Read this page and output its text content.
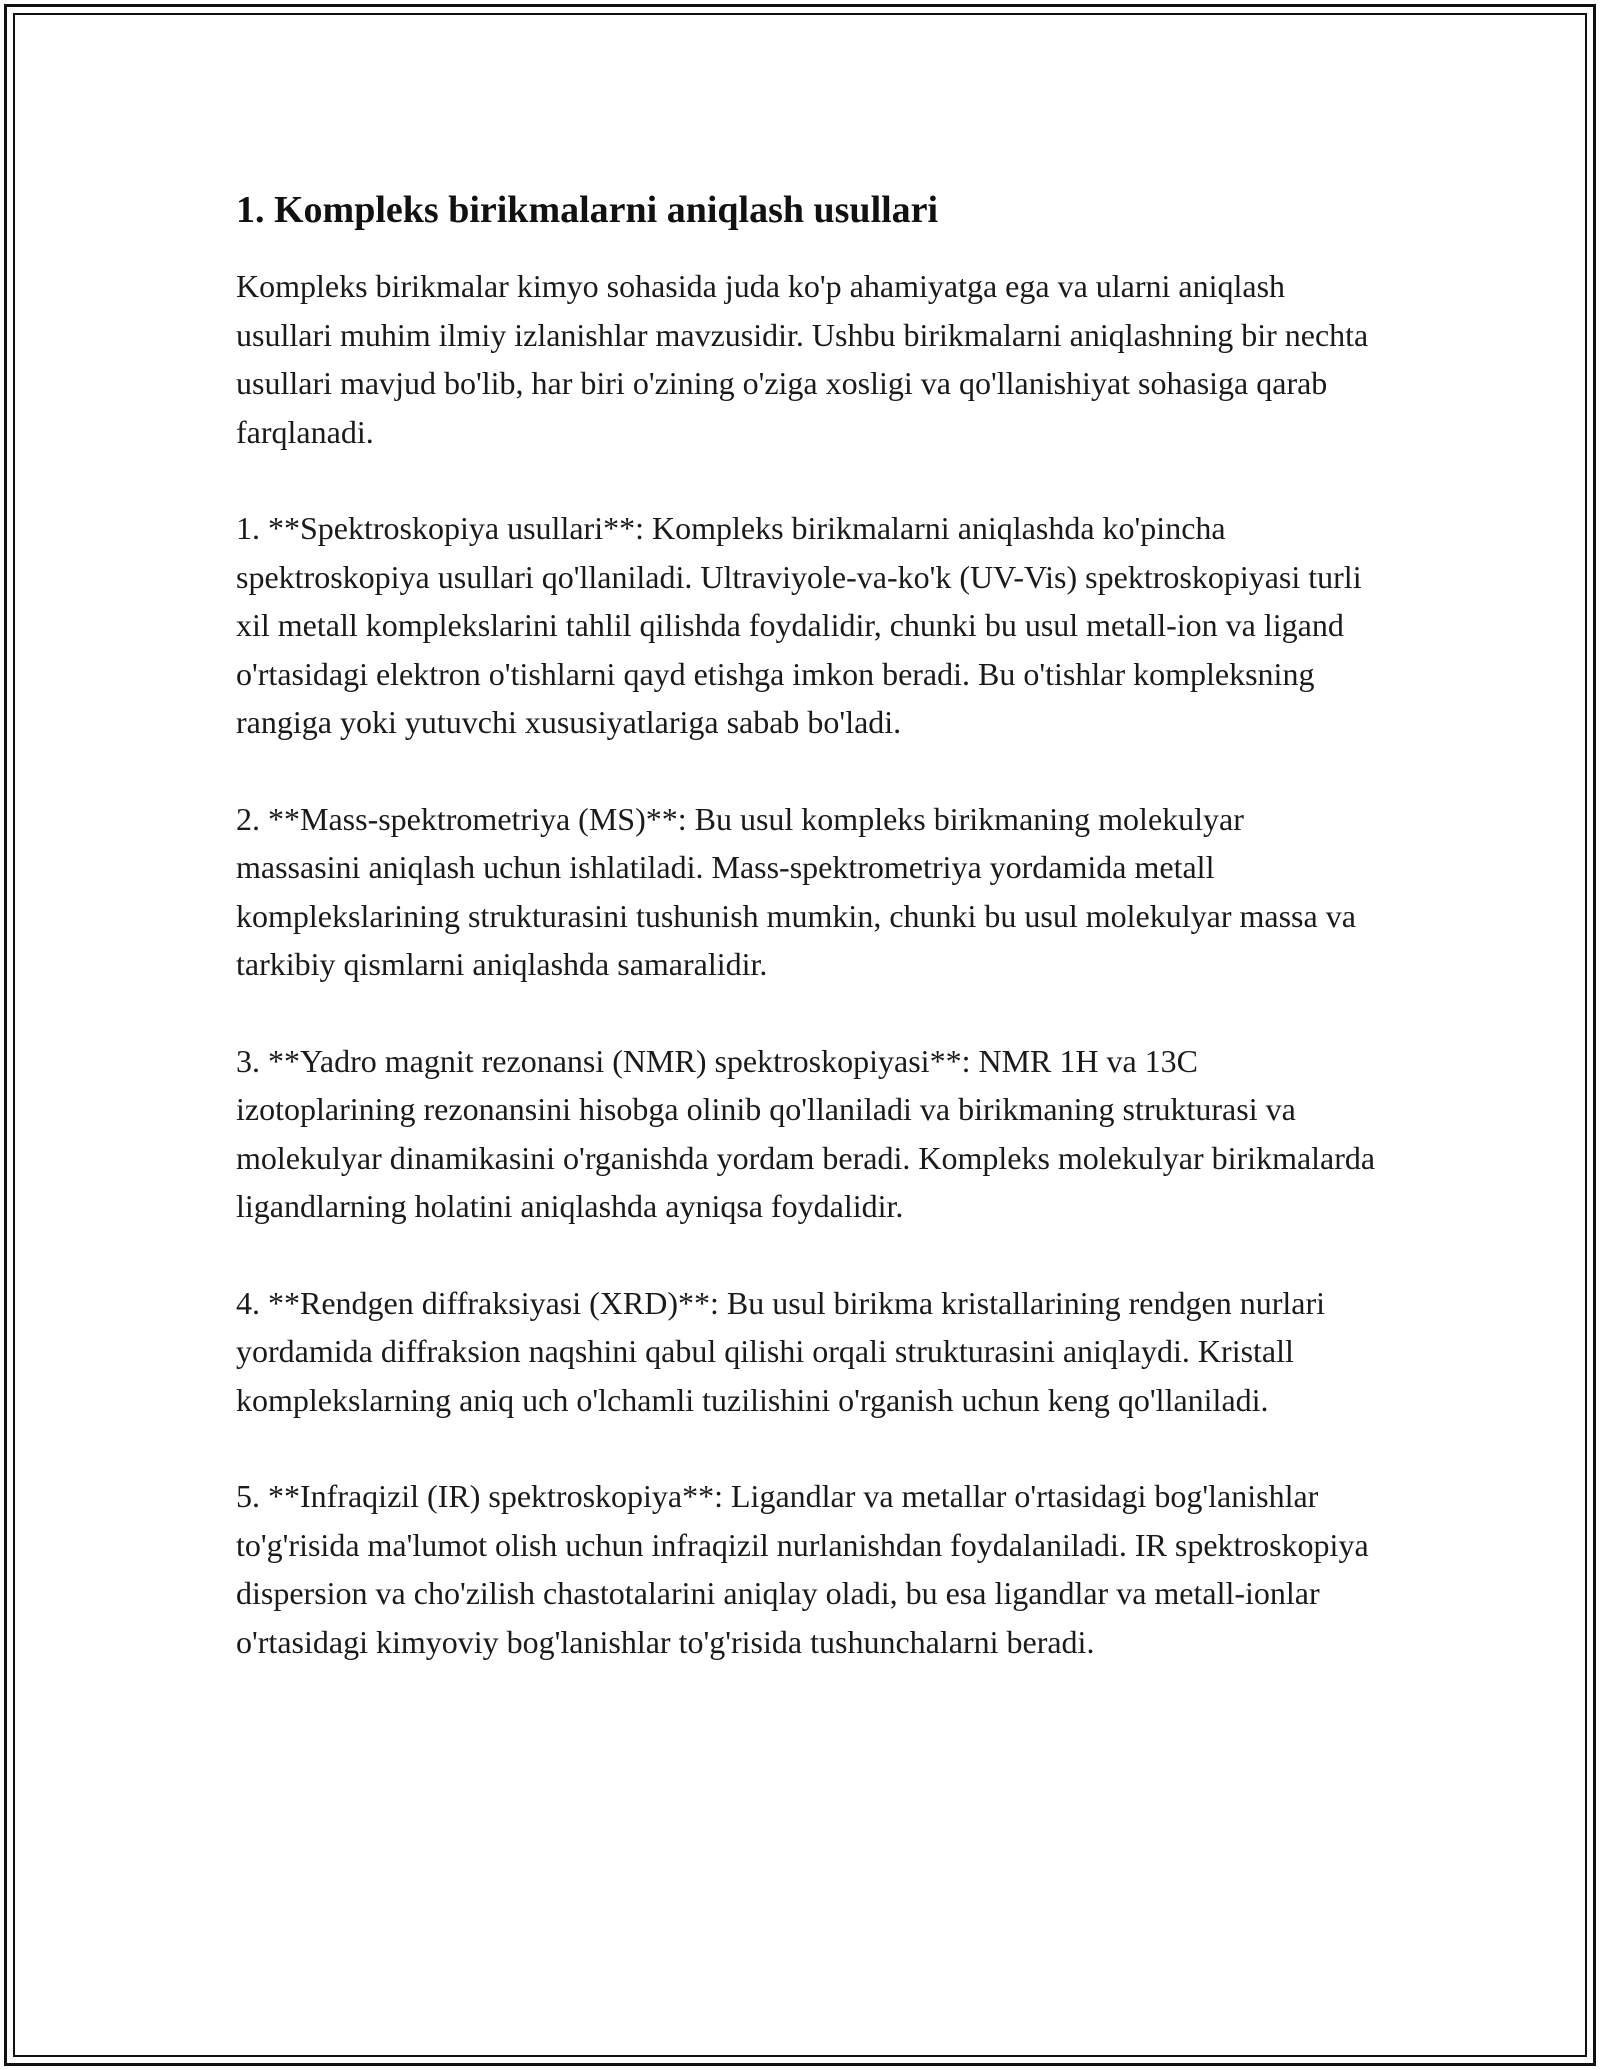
1. Kompleks birikmalarni aniqlash usullari

Kompleks birikmalar kimyo sohasida juda ko'p ahamiyatga ega va ularni aniqlash usullari muhim ilmiy izlanishlar mavzusidir. Ushbu birikmalarni aniqlashning bir nechta usullari mavjud bo'lib, har biri o'zining o'ziga xosligi va qo'llanishiyat sohasiga qarab farqlanadi.

1. **Spektroskopiya usullari**: Kompleks birikmalarni aniqlashda ko'pincha spektroskopiya usullari qo'llaniladi. Ultraviyole-va-ko'k (UV-Vis) spektroskopiyasi turli xil metall komplekslarini tahlil qilishda foydalidir, chunki bu usul metall-ion va ligand o'rtasidagi elektron o'tishlarni qayd etishga imkon beradi. Bu o'tishlar kompleksning rangiga yoki yutuvchi xususiyatlariga sabab bo'ladi.

2. **Mass-spektrometriya (MS)**: Bu usul kompleks birikmaning molekulyar massasini aniqlash uchun ishlatiladi. Mass-spektrometriya yordamida metall komplekslarining strukturasini tushunish mumkin, chunki bu usul molekulyar massa va tarkibiy qismlarni aniqlashda samaralidir.

3. **Yadro magnit rezonansi (NMR) spektroskopiyasi**: NMR 1H va 13C izotoplarining rezonansini hisobga olinib qo'llaniladi va birikmaning strukturasi va molekulyar dinamikasini o'rganishda yordam beradi. Kompleks molekulyar birikmalarda ligandlarning holatini aniqlashda ayniqsa foydalidir.

4. **Rendgen diffraksiyasi (XRD)**: Bu usul birikma kristallarining rendgen nurlari yordamida diffraksion naqshini qabul qilishi orqali strukturasini aniqlaydi. Kristall komplekslarning aniq uch o'lchamli tuzilishini o'rganish uchun keng qo'llaniladi.

5. **Infraqizil (IR) spektroskopiya**: Ligandlar va metallar o'rtasidagi bog'lanishlar to'g'risida ma'lumot olish uchun infraqizil nurlanishdan foydalaniladi. IR spektroskopiya dispersion va cho'zilish chastotalarini aniqlay oladi, bu esa ligandlar va metall-ionlar o'rtasidagi kimyoviy bog'lanishlar to'g'risida tushunchalarni beradi.
